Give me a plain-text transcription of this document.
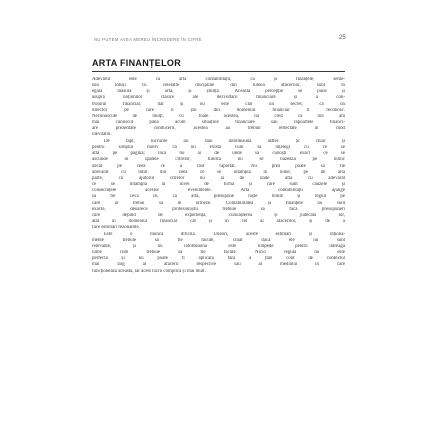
NU PUTEM AVEA MEREU ÎNCREDERE ÎN CIFRE	25
ARTA FINANȚELOR

Adevărul este că arta contabilității, ca și finanțele, seme-
nea totuși cu celelalte discipline din lumea afacerilor, sunt în
egală măsură și artă, și știință. Această percepție se pune și
asupra noțiunilor clasice ale dezvoltării financiare și a con-
trolului financiar, dar și nu este clar un secret, că un
director pe care îl știi din domeniul financiar îl recunosc.
Necunoscute de mulți, cu toate acestea, nu cred că noi am
mai cunoscut până acum situațiile financiare sau rapoartele financi-
are prezentate conducerii, acestea au trebuit reflectate în mod
inevitabil.

De fapt, lucrurile nu stau întotdeauna astfel. Și chiar și
pentru simplul motiv că nu există cum să înțelegi cu ce se
află pe pagină; încă nu ai de unde să cunoști exact ce se
ascunde în spatele cifrelor, fiindcă nu se bazează pe nimic
decât pe ceea ce a fost raportat. Nu prea poate să fie
adevărat cu totul din ceea ce se întâmplă în lume; pe de altă
parte, cu ajutorul cifrelor nu ai de unde afla cu adevărat
ce se întâmplă la nivel de firmă și care sunt cauzele și
consecințele acestor evenimente. Arta contabilității ajunge
să fie ceva ce, ca artă, presupune niște limite și reguli pe
care ar trebui să le urmeze. Contabilitatea și finanțele nu sunt
exacte, deoarece profesioniștii trebuie să facă presupuneri
care depind de experiența, cunoașterea și judecata lor,
atât în domeniul financiar cât și în cel al afacerilor, și de a
face estimări rezonabile.

Este o muncă dificilă. Uneori, aceste estimări și raționa-
mente trebuie să fie făcute, chiar dacă ele nu sunt
relevante, și nu întotdeauna este limpede pentru întreaga
lume cum trebuie să fie făcute. Nicio regulă nu este
perfectă și nu poate fi aplicată fără a ține cont de contextul
mai larg al afacerii respective sau al mediului în care
funcționează aceasta, iar acest lucru complică și mai mult.
